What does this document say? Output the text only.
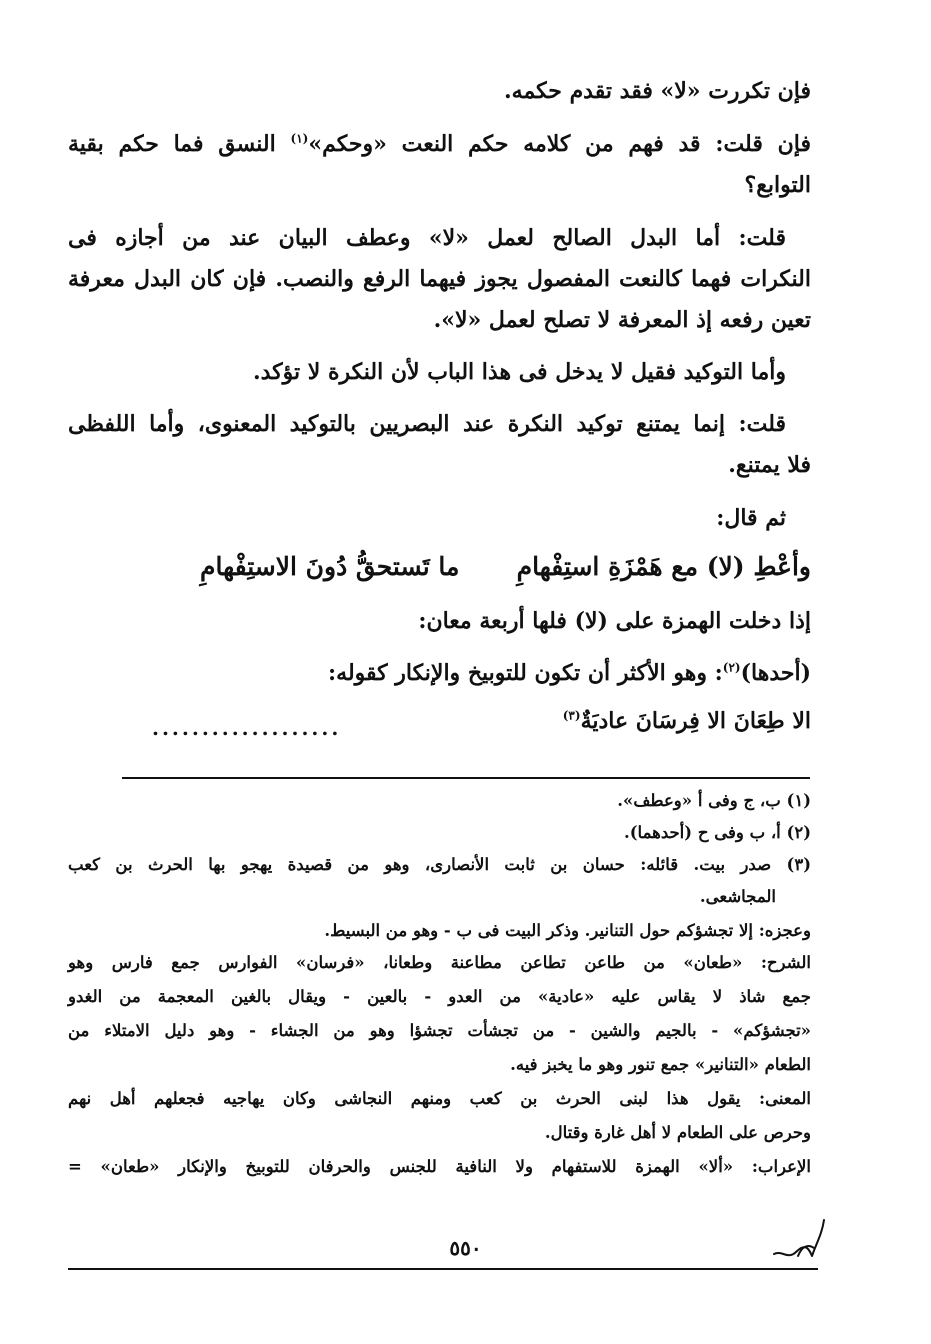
فإن تكررت «لا» فقد تقدم حكمه.
فإن قلت: قد فهم من كلامه حكم النعت «وحكم»$^{(١)}$ النسق فما حكم بقية
التوابع؟
قلت: أما البدل الصالح لعمل «لا» وعطف البيان عند من أجازه فى
النكرات فهما كالنعت المفصول يجوز فيهما الرفع والنصب. فإن كان البدل معرفة
تعين رفعه إذ المعرفة لا تصلح لعمل «لا».
وأما التوكيد فقيل لا يدخل فى هذا الباب لأن النكرة لا تؤكد.
قلت: إنما يمتنع توكيد النكرة عند البصريين بالتوكيد المعنوى، وأما اللفظى
فلا يمتنع.
ثم قال:
وأعْطِ (لا) مع هَمْزَةِ استِفْهامِ
ما تَستحقُّ دُونَ الاستِفْهامِ
إذا دخلت الهمزة على (لا) فلها أربعة معان:
(أحدها)$^{(٢)}$: وهو الأكثر أن تكون للتوبيخ والإنكار كقوله:
الا طِعَانَ الا فِرسَانَ عاديَةٌ$^{(٣)}$
...................
(١) ب، ج وفى أ «وعطف».
(٢) أ، ب وفى ح (أحدهما).
(٣) صدر بيت. قائله: حسان بن ثابت الأنصارى، وهو من قصيدة يهجو بها الحرث بن كعب
المجاشعى.
وعجزه: إلا تجشؤكم حول التنانير. وذكر البيت فى ب - وهو من البسيط.
الشرح: «طعان» من طاعن تطاعن مطاعنة وطعانا، «فرسان» الفوارس جمع فارس وهو
جمع شاذ لا يقاس عليه «عادية» من العدو - بالعين - ويقال بالغين المعجمة من الغدو
«تجشؤكم» - بالجيم والشين - من تجشأت تجشؤا وهو من الجشاء - وهو دليل الامتلاء من
الطعام «التنانير» جمع تنور وهو ما يخبز فيه.
المعنى: يقول هذا لبنى الحرث بن كعب ومنهم النجاشى وكان يهاجيه فجعلهم أهل نهم
وحرص على الطعام لا أهل غارة وقتال.
الإعراب: «ألا» الهمزة للاستفهام ولا النافية للجنس والحرفان للتوبيخ والإنكار «طعان» =
٥٥٠
